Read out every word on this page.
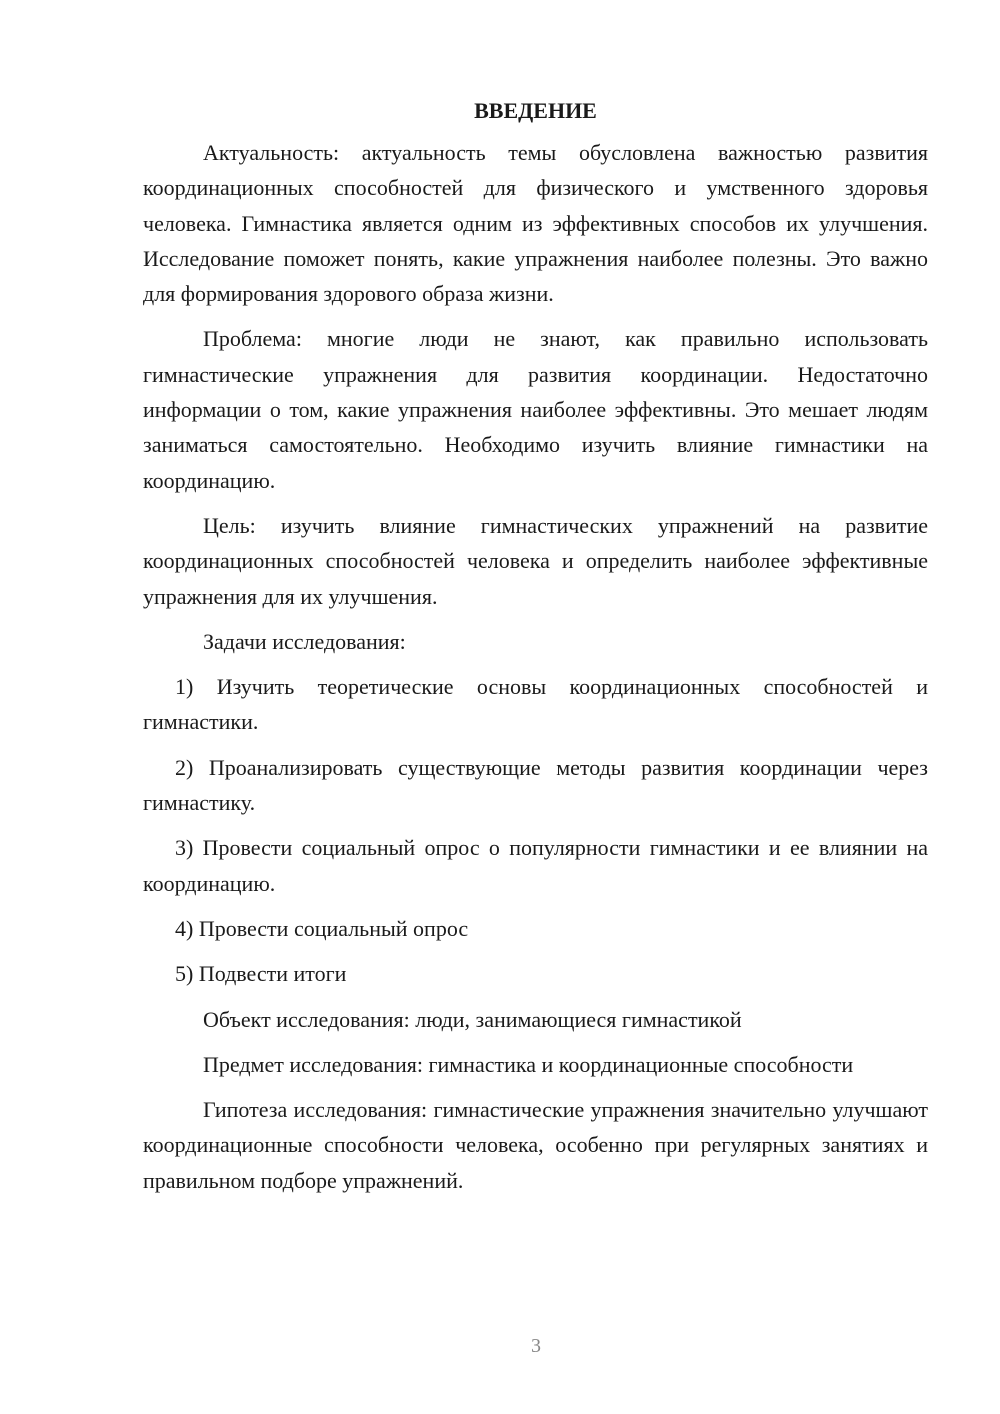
ВВЕДЕНИЕ

Актуальность: актуальность темы обусловлена важностью развития координационных способностей для физического и умственного здоровья человека. Гимнастика является одним из эффективных способов их улучшения. Исследование поможет понять, какие упражнения наиболее полезны. Это важно для формирования здорового образа жизни.

Проблема: многие люди не знают, как правильно использовать гимнастические упражнения для развития координации. Недостаточно информации о том, какие упражнения наиболее эффективны. Это мешает людям заниматься самостоятельно. Необходимо изучить влияние гимнастики на координацию.

Цель: изучить влияние гимнастических упражнений на развитие координационных способностей человека и определить наиболее эффективные упражнения для их улучшения.

Задачи исследования:

1) Изучить теоретические основы координационных способностей и гимнастики.

2) Проанализировать существующие методы развития координации через гимнастику.

3) Провести социальный опрос о популярности гимнастики и ее влиянии на координацию.

4) Провести социальный опрос

5) Подвести итоги

Объект исследования: люди, занимающиеся гимнастикой

Предмет исследования: гимнастика и координационные способности

Гипотеза исследования: гимнастические упражнения значительно улучшают координационные способности человека, особенно при регулярных занятиях и правильном подборе упражнений.

3
